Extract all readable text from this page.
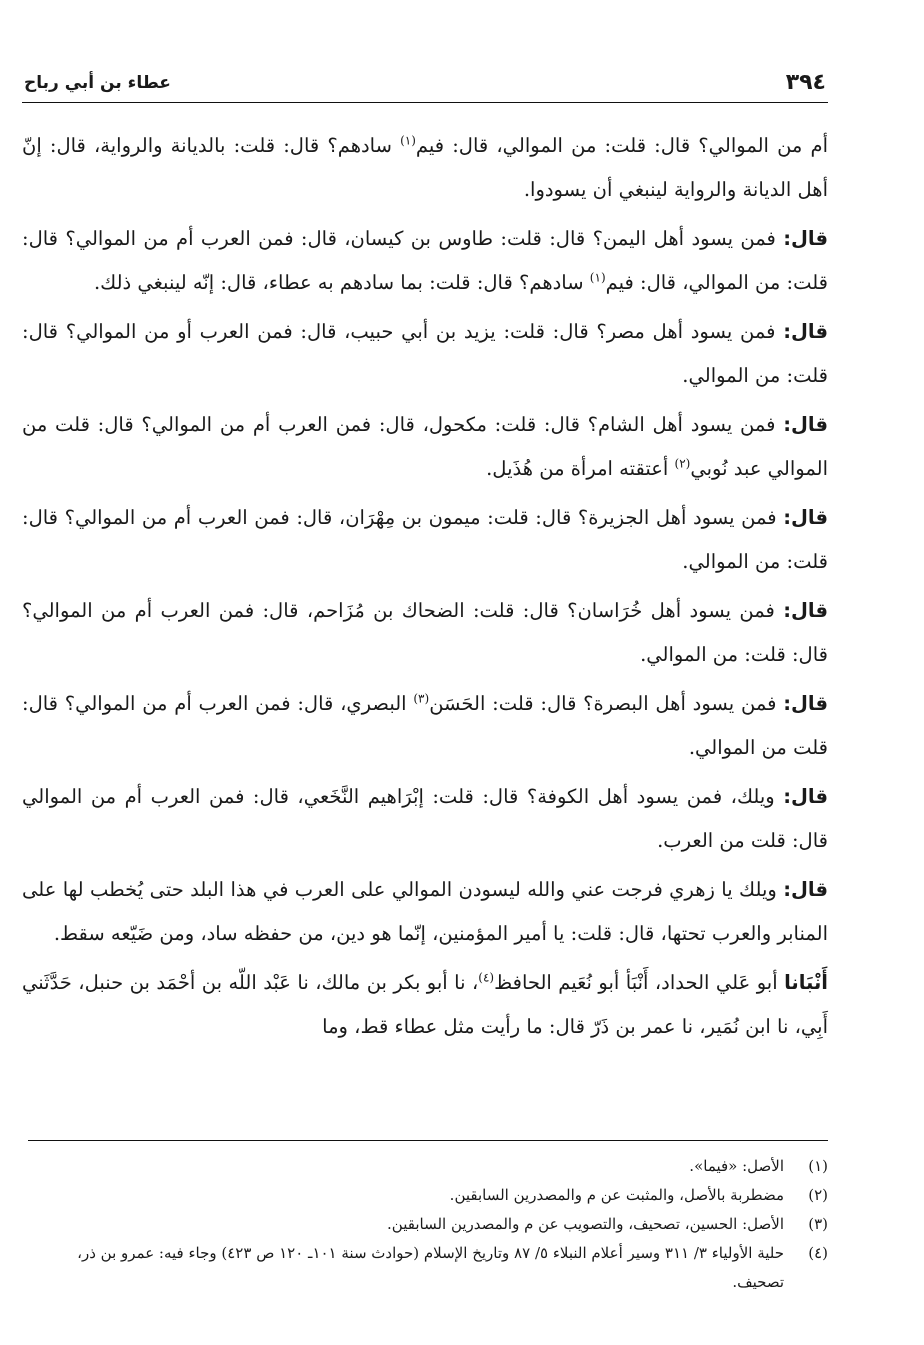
٣٩٤
عطاء بن أبي رباح

أم من الموالي؟ قال: قلت: من الموالي، قال: فيم$^{(١)}$ سادهم؟ قال: قلت: بالديانة والرواية، قال: إنّ أهل الديانة والرواية لينبغي أن يسودوا.

قال: فمن يسود أهل اليمن؟ قال: قلت: طاوس بن كيسان، قال: فمن العرب أم من الموالي؟ قال: قلت: من الموالي، قال: فيم$^{(١)}$ سادهم؟ قال: قلت: بما سادهم به عطاء، قال: إنّه لينبغي ذلك.

قال: فمن يسود أهل مصر؟ قال: قلت: يزيد بن أبي حبيب، قال: فمن العرب أو من الموالي؟ قال: قلت: من الموالي.

قال: فمن يسود أهل الشام؟ قال: قلت: مكحول، قال: فمن العرب أم من الموالي؟ قال: قلت من الموالي عبد نُوبي$^{(٢)}$ أعتقته امرأة من هُذَيل.

قال: فمن يسود أهل الجزيرة؟ قال: قلت: ميمون بن مِهْرَان، قال: فمن العرب أم من الموالي؟ قال: قلت: من الموالي.

قال: فمن يسود أهل خُرَاسان؟ قال: قلت: الضحاك بن مُزَاحم، قال: فمن العرب أم من الموالي؟ قال: قلت: من الموالي.

قال: فمن يسود أهل البصرة؟ قال: قلت: الحَسَن$^{(٣)}$ البصري، قال: فمن العرب أم من الموالي؟ قال: قلت من الموالي.

قال: ويلك، فمن يسود أهل الكوفة؟ قال: قلت: إبْرَاهيم النَّخَعي، قال: فمن العرب أم من الموالي قال: قلت من العرب.

قال: ويلك يا زهري فرجت عني والله ليسودن الموالي على العرب في هذا البلد حتى يُخطب لها على المنابر والعرب تحتها، قال: قلت: يا أمير المؤمنين، إنّما هو دين، من حفظه ساد، ومن ضَيّعه سقط.

أَنْبَانا أبو عَلي الحداد، أَنْبَأ أبو نُعَيم الحافظ$^{(٤)}$، نا أبو بكر بن مالك، نا عَبْد اللّه بن أحْمَد بن حنبل، حَدَّثَني أَبِي، نا ابن نُمَير، نا عمر بن ذَرّ قال: ما رأيت مثل عطاء قط، وما

(١)
الأصل: «فيما».
(٢)
مضطربة بالأصل، والمثبت عن م والمصدرين السابقين.
(٣)
الأصل: الحسين، تصحيف، والتصويب عن م والمصدرين السابقين.
(٤)
حلية الأولياء ٣/ ٣١١ وسير أعلام النبلاء ٥/ ٨٧ وتاريخ الإسلام (حوادث سنة ١٠١ـ ١٢٠ ص ٤٢٣) وجاء فيه: عمرو بن ذر، تصحيف.
